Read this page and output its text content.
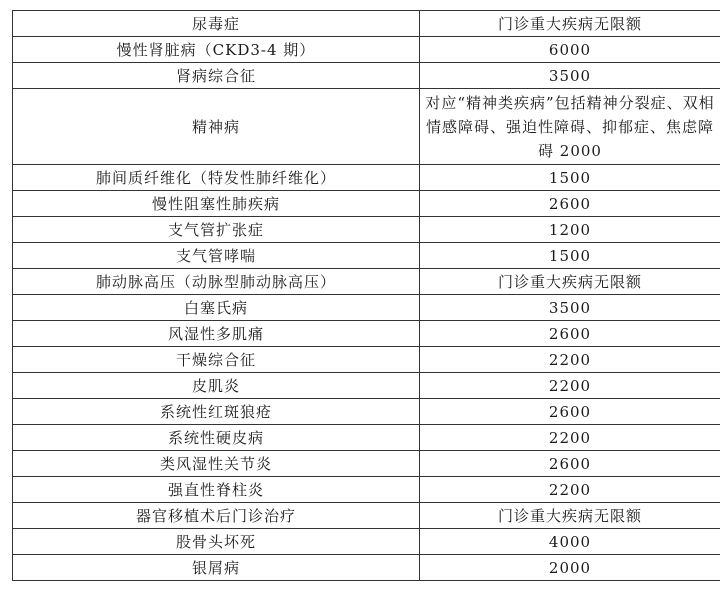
尿毒症	门诊重大疾病无限额
慢性肾脏病（CKD3-4 期）	6000
肾病综合征	3500
精神病	对应“精神类疾病”包括精神分裂症、双相情感障碍、强迫性障碍、抑郁症、焦虑障碍 2000
肺间质纤维化（特发性肺纤维化）	1500
慢性阻塞性肺疾病	2600
支气管扩张症	1200
支气管哮喘	1500
肺动脉高压（动脉型肺动脉高压）	门诊重大疾病无限额
白塞氏病	3500
风湿性多肌痛	2600
干燥综合征	2200
皮肌炎	2200
系统性红斑狼疮	2600
系统性硬皮病	2200
类风湿性关节炎	2600
强直性脊柱炎	2200
器官移植术后门诊治疗	门诊重大疾病无限额
股骨头坏死	4000
银屑病	2000
